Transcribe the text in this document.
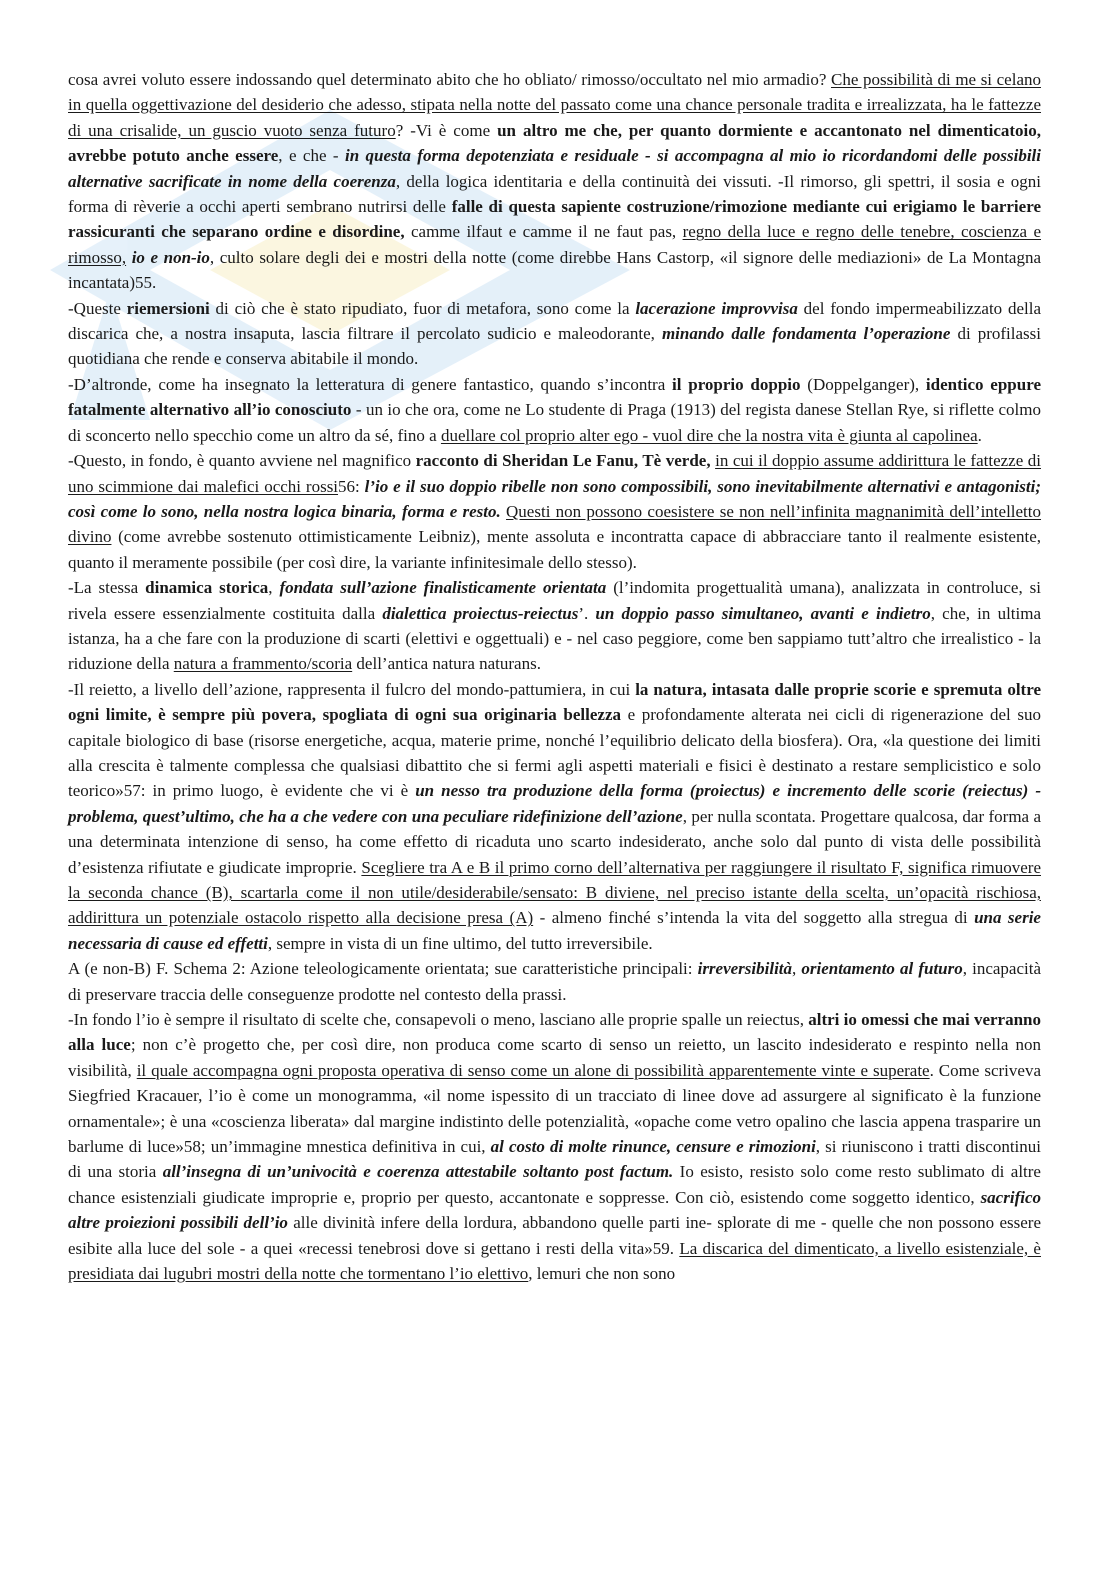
cosa avrei voluto essere indossando quel determinato abito che ho obliato/ rimosso/occultato nel mio armadio? Che possibilità di me si celano in quella oggettivazione del desiderio che adesso, stipata nella notte del passato come una chance personale tradita e irrealizzata, ha le fattezze di una crisalide, un guscio vuoto senza futuro? -Vi è come un altro me che, per quanto dormiente e accantonato nel dimenticatoio, avrebbe potuto anche essere, e che - in questa forma depotenziata e residuale - si accompagna al mio io ricordandomi delle possibili alternative sacrificate in nome della coerenza, della logica identitaria e della continuità dei vissuti. -Il rimorso, gli spettri, il sosia e ogni forma di rèverie a occhi aperti sembrano nutrirsi delle falle di questa sapiente costruzione/rimozione mediante cui erigiamo le barriere rassicuranti che separano ordine e disordine, camme ilfaut e camme il ne faut pas, regno della luce e regno delle tenebre, coscienza e rimosso, io e non-io, culto solare degli dei e mostri della notte (come direbbe Hans Castorp, «il signore delle mediazioni» de La Montagna incantata)55.

-Queste riemersioni di ciò che è stato ripudiato, fuor di metafora, sono come la lacerazione improvvisa del fondo impermeabilizzato della discarica che, a nostra insaputa, lascia filtrare il percolato sudicio e maleodorante, minando dalle fondamenta l’operazione di profilassi quotidiana che rende e conserva abitabile il mondo.

-D’altronde, come ha insegnato la letteratura di genere fantastico, quando s’incontra il proprio doppio (Doppelganger), identico eppure fatalmente alternativo all’io conosciuto - un io che ora, come ne Lo studente di Praga (1913) del regista danese Stellan Rye, si riflette colmo di sconcerto nello specchio come un altro da sé, fino a duellare col proprio alter ego - vuol dire che la nostra vita è giunta al capolinea.

-Questo, in fondo, è quanto avviene nel magnifico racconto di Sheridan Le Fanu, Tè verde, in cui il doppio assume addirittura le fattezze di uno scimmione dai malefici occhi rossi56: l’io e il suo doppio ribelle non sono compossibili, sono inevitabilmente alternativi e antagonisti; così come lo sono, nella nostra logica binaria, forma e resto. Questi non possono coesistere se non nell’infinita magnanimità dell’intelletto divino (come avrebbe sostenuto ottimisticamente Leibniz), mente assoluta e incontratta capace di abbracciare tanto il realmente esistente, quanto il meramente possibile (per così dire, la variante infinitesimale dello stesso).

-La stessa dinamica storica, fondata sull’azione finalisticamente orientata (l’indomita progettualità umana), analizzata in controluce, si rivela essere essenzialmente costituita dalla dialettica proiectus-reiectus’. un doppio passo simultaneo, avanti e indietro, che, in ultima istanza, ha a che fare con la produzione di scarti (elettivi e oggettuali) e - nel caso peggiore, come ben sappiamo tutt’altro che irrealistico - la riduzione della natura a frammento/scoria dell’antica natura naturans.

-Il reietto, a livello dell’azione, rappresenta il fulcro del mondo-pattumiera, in cui la natura, intasata dalle proprie scorie e spremuta oltre ogni limite, è sempre più povera, spogliata di ogni sua originaria bellezza e profondamente alterata nei cicli di rigenerazione del suo capitale biologico di base (risorse energetiche, acqua, materie prime, nonché l’equilibrio delicato della biosfera). Ora, «la questione dei limiti alla crescita è talmente complessa che qualsiasi dibattito che si fermi agli aspetti materiali e fisici è destinato a restare semplicistico e solo teorico»57: in primo luogo, è evidente che vi è un nesso tra produzione della forma (proiectus) e incremento delle scorie (reiectus) - problema, quest’ultimo, che ha a che vedere con una peculiare ridefinizione dell’azione, per nulla scontata. Progettare qualcosa, dar forma a una determinata intenzione di senso, ha come effetto di ricaduta uno scarto indesiderato, anche solo dal punto di vista delle possibilità d’esistenza rifiutate e giudicate improprie. Scegliere tra A e B il primo corno dell’alternativa per raggiungere il risultato F, significa rimuovere la seconda chance (B), scartarla come il non utile/desiderabile/sensato: B diviene, nel preciso istante della scelta, un’opacità rischiosa, addirittura un potenziale ostacolo rispetto alla decisione presa (A) - almeno finché s’intenda la vita del soggetto alla stregua di una serie necessaria di cause ed effetti, sempre in vista di un fine ultimo, del tutto irreversibile.

A (e non-B) F. Schema 2: Azione teleologicamente orientata; sue caratteristiche principali: irreversibilità, orientamento al futuro, incapacità di preservare traccia delle conseguenze prodotte nel contesto della prassi.

-In fondo l’io è sempre il risultato di scelte che, consapevoli o meno, lasciano alle proprie spalle un reiectus, altri io omessi che mai verranno alla luce; non c’è progetto che, per così dire, non produca come scarto di senso un reietto, un lascito indesiderato e respinto nella non visibilità, il quale accompagna ogni proposta operativa di senso come un alone di possibilità apparentemente vinte e superate. Come scriveva Siegfried Kracauer, l’io è come un monogramma, «il nome ispessito di un tracciato di linee dove ad assurgere al significato è la funzione ornamentale»; è una «coscienza liberata» dal margine indistinto delle potenzialità, «opache come vetro opalino che lascia appena trasparire un barlume di luce»58; un’immagine mnestica definitiva in cui, al costo di molte rinunce, censure e rimozioni, si riuniscono i tratti discontinui di una storia all’insegna di un’univocità e coerenza attestabile soltanto post factum. Io esisto, resisto solo come resto sublimato di altre chance esistenziali giudicate improprie e, proprio per questo, accantonate e soppresse. Con ciò, esistendo come soggetto identico, sacrifico altre proiezioni possibili dell’io alle divinità infere della lordura, abbandono quelle parti ine- splorate di me - quelle che non possono essere esibite alla luce del sole - a quei «recessi tenebrosi dove si gettano i resti della vita»59. La discarica del dimenticato, a livello esistenziale, è presidiata dai lugubri mostri della notte che tormentano l’io elettivo, lemuri che non sono
